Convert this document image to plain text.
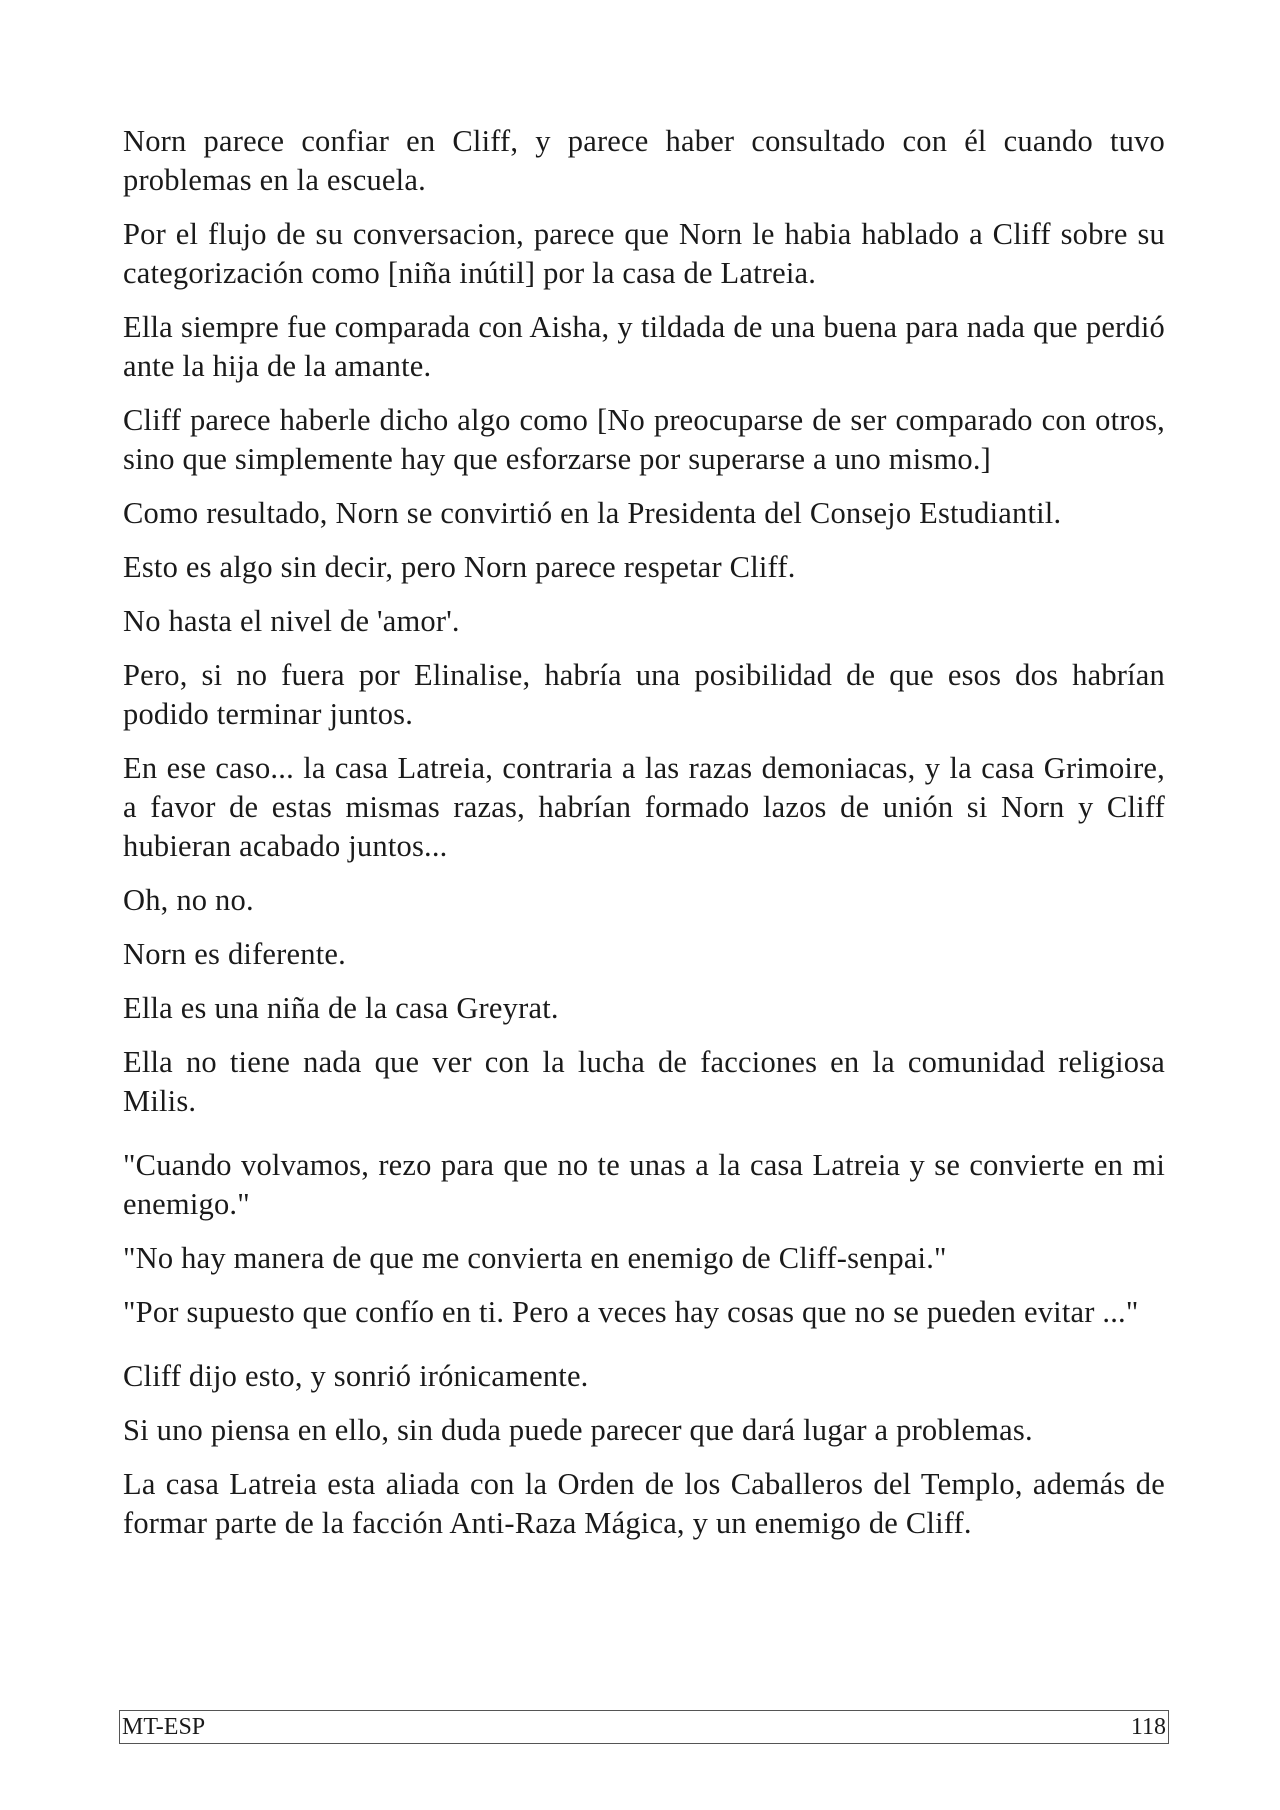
Norn parece confiar en Cliff, y parece haber consultado con él cuando tuvo problemas en la escuela.

Por el flujo de su conversacion, parece que Norn le habia hablado a Cliff sobre su categorización como [niña inútil] por la casa de Latreia.

Ella siempre fue comparada con Aisha, y tildada de una buena para nada que perdió ante la hija de la amante.

Cliff parece haberle dicho algo como [No preocuparse de ser comparado con otros, sino que simplemente hay que esforzarse por superarse a uno mismo.]

Como resultado, Norn se convirtió en la Presidenta del Consejo Estudiantil.

Esto es algo sin decir, pero Norn parece respetar Cliff.

No hasta el nivel de 'amor'.

Pero, si no fuera por Elinalise, habría una posibilidad de que esos dos habrían podido terminar juntos.

En ese caso... la casa Latreia, contraria a las razas demoniacas, y la casa Grimoire, a favor de estas mismas razas, habrían formado lazos de unión si Norn y Cliff hubieran acabado juntos...

Oh, no no.

Norn es diferente.

Ella es una niña de la casa Greyrat.

Ella no tiene nada que ver con la lucha de facciones en la comunidad religiosa Milis.

"Cuando volvamos, rezo para que no te unas a la casa Latreia y se convierte en mi enemigo."

"No hay manera de que me convierta en enemigo de Cliff-senpai."

"Por supuesto que confío en ti. Pero a veces hay cosas que no se pueden evitar ..."

Cliff dijo esto, y sonrió irónicamente.

Si uno piensa en ello, sin duda puede parecer que dará lugar a problemas.

La casa Latreia esta aliada con la Orden de los Caballeros del Templo, además de formar parte de la facción Anti-Raza Mágica, y un enemigo de Cliff.

MT-ESP	118
